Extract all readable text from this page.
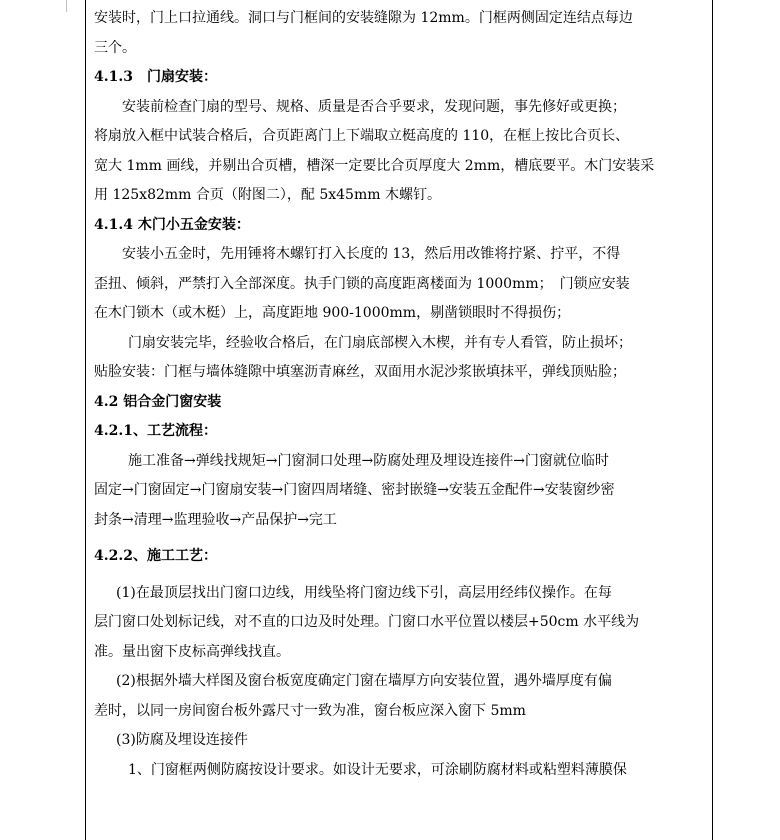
安装时，门上口拉通线。洞口与门框间的安装缝隙为 12mm。门框两侧固定连结点每边
三个。
4.1.3　门扇安装：
安装前检查门扇的型号、规格、质量是否合乎要求，发现问题，事先修好或更换；
将扇放入框中试装合格后，合页距离门上下端取立梃高度的 110，在框上按比合页长、
宽大 1mm 画线，并剔出合页槽，槽深一定要比合页厚度大 2mm，槽底要平。木门安装采
用 125x82mm 合页（附图二），配 5x45mm 木螺钉。
4.1.4 木门小五金安装：
安装小五金时，先用锤将木螺钉打入长度的 13，然后用改锥将拧紧、拧平，不得
歪扭、倾斜，严禁打入全部深度。执手门锁的高度距离楼面为 1000mm；　门锁应安装
在木门锁木（或木梃）上，高度距地 900-1000mm，剔凿锁眼时不得损伤；
门扇安装完毕，经验收合格后，在门扇底部楔入木楔，并有专人看管，防止损坏；
贴脸安装：门框与墙体缝隙中填塞沥青麻丝，双面用水泥沙浆嵌填抹平，弹线顶贴脸；
4.2 铝合金门窗安装
4.2.1、工艺流程：
施工准备→弹线找规矩→门窗洞口处理→防腐处理及埋设连接件→门窗就位临时
固定→门窗固定→门窗扇安装→门窗四周堵缝、密封嵌缝→安装五金配件→安装窗纱密
封条→清理→监理验收→产品保护→完工
4.2.2、施工工艺：
(1)在最顶层找出门窗口边线，用线坠将门窗边线下引，高层用经纬仪操作。在每
层门窗口处划标记线，对不直的口边及时处理。门窗口水平位置以楼层+50cm 水平线为
准。量出窗下皮标高弹线找直。
(2)根据外墙大样图及窗台板宽度确定门窗在墙厚方向安装位置，遇外墙厚度有偏
差时，以同一房间窗台板外露尺寸一致为准，窗台板应深入窗下 5mm
(3)防腐及埋设连接件
1、门窗框两侧防腐按设计要求。如设计无要求，可涂刷防腐材料或粘塑料薄膜保
